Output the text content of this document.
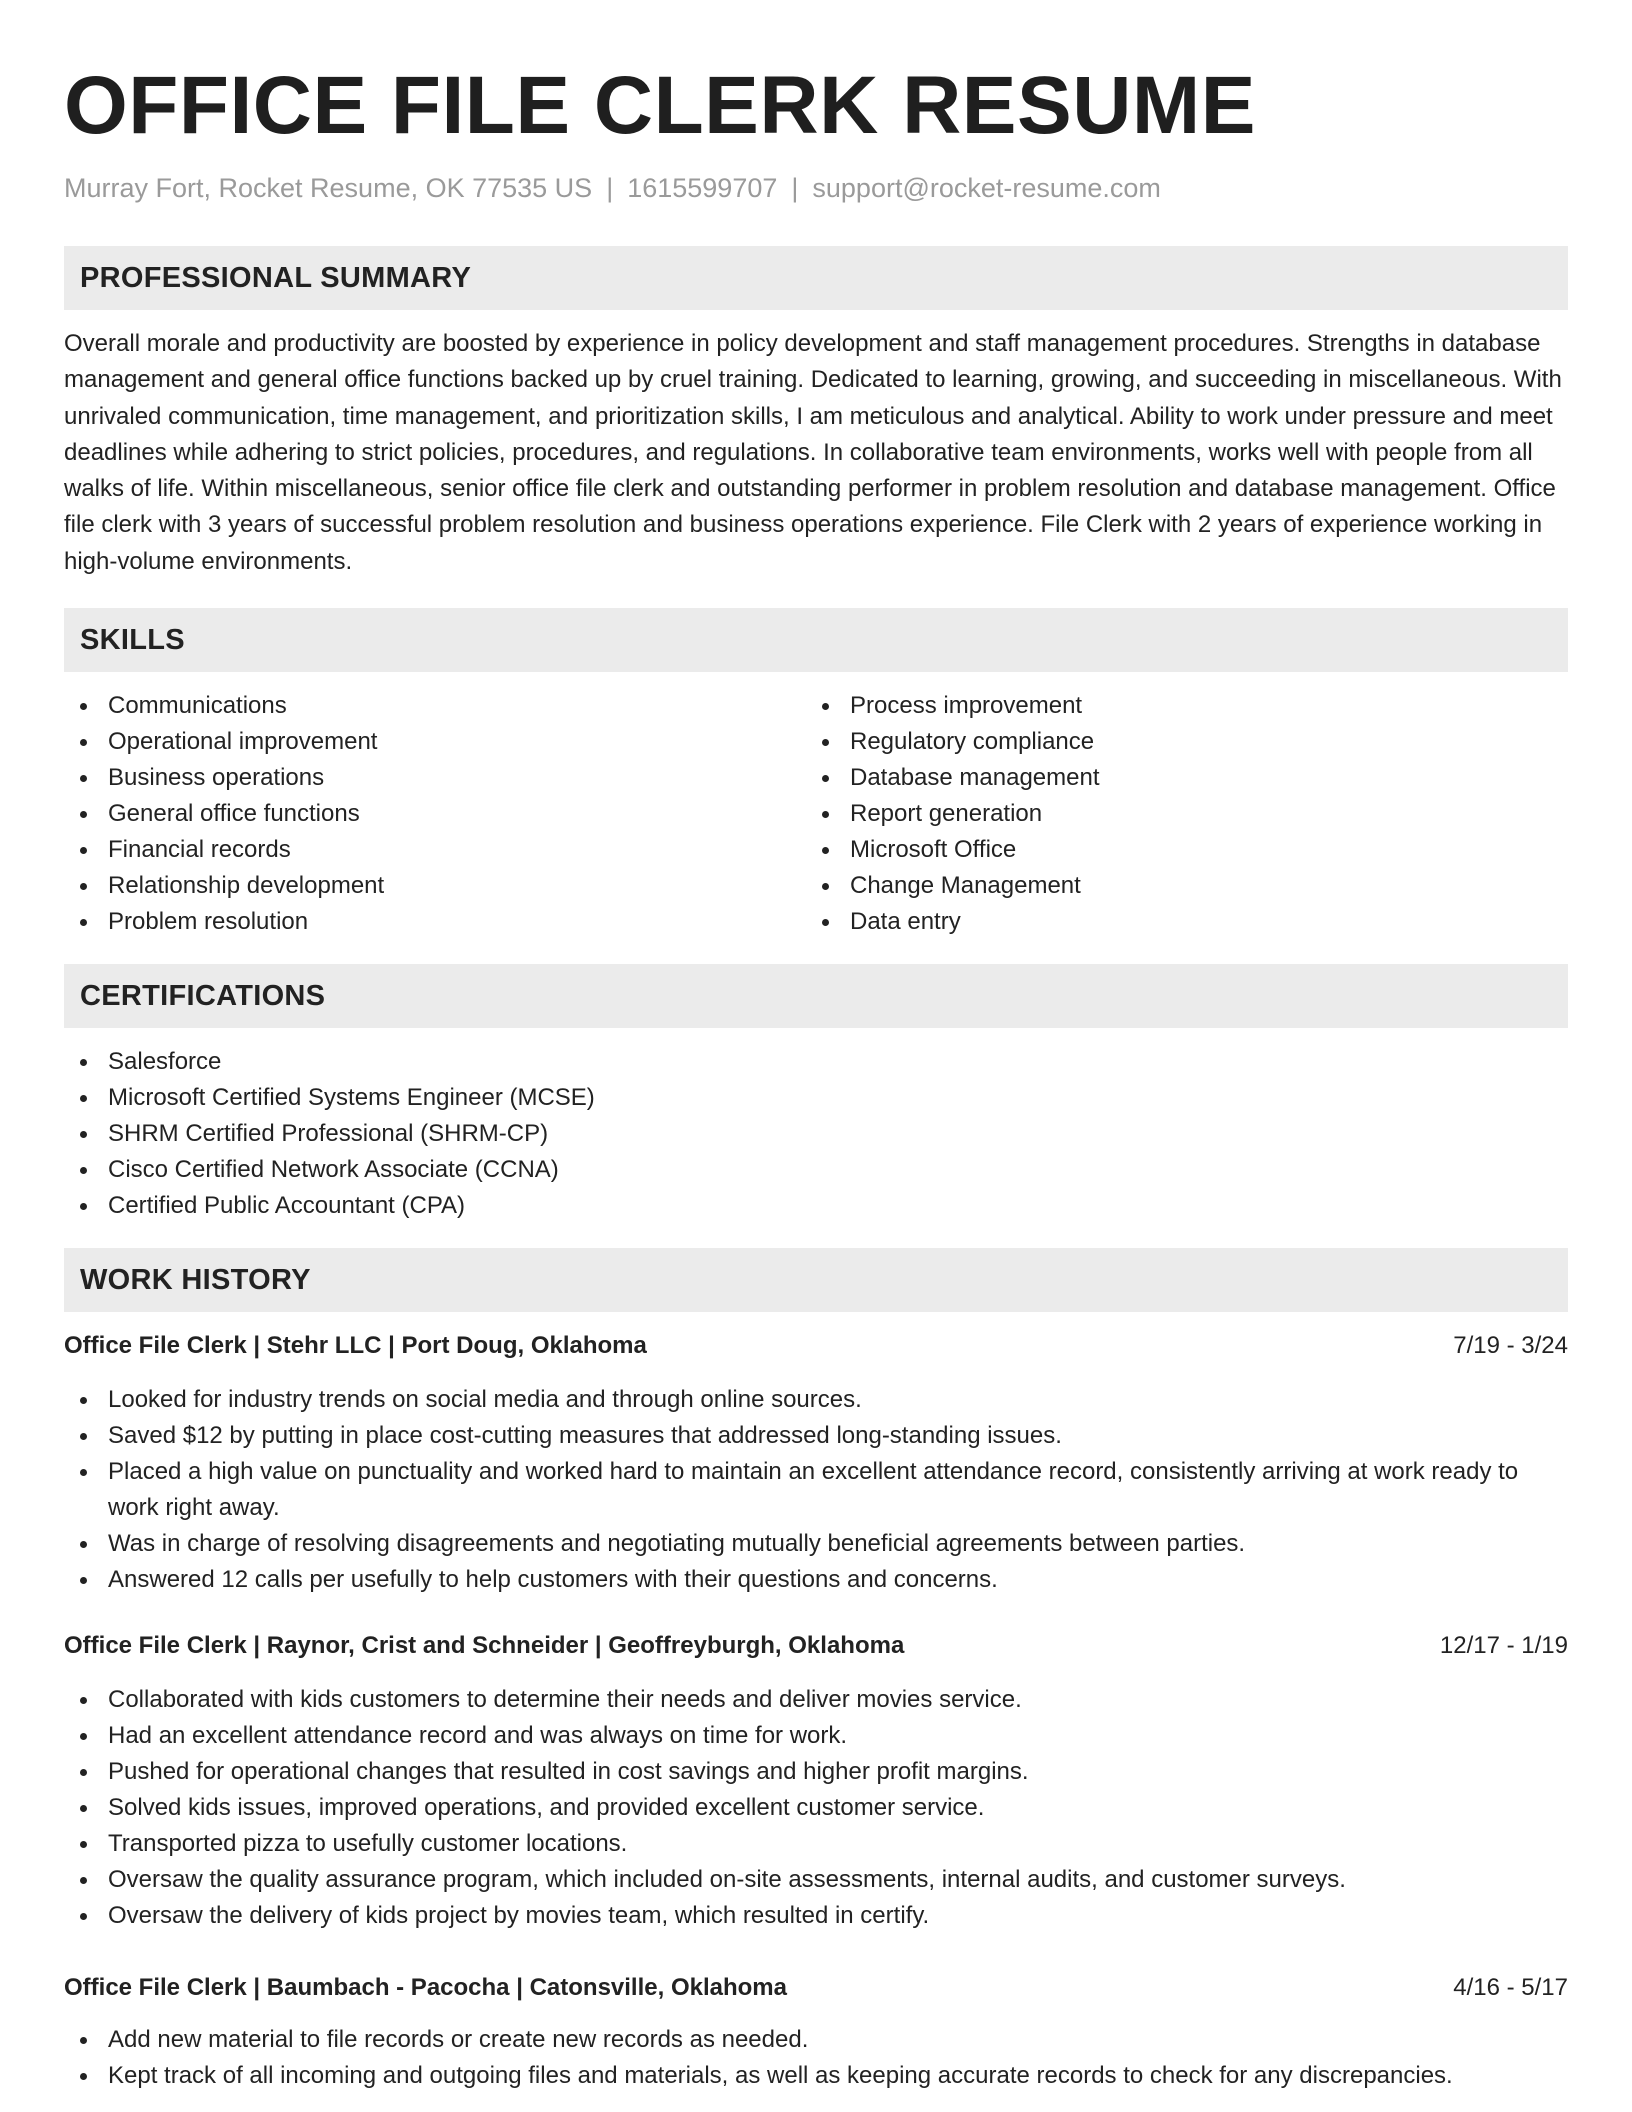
OFFICE FILE CLERK RESUME
Murray Fort, Rocket Resume, OK 77535 US | 1615599707 | support@rocket-resume.com
PROFESSIONAL SUMMARY

Overall morale and productivity are boosted by experience in policy development and staff management procedures. Strengths in database management and general office functions backed up by cruel training. Dedicated to learning, growing, and succeeding in miscellaneous. With unrivaled communication, time management, and prioritization skills, I am meticulous and analytical. Ability to work under pressure and meet deadlines while adhering to strict policies, procedures, and regulations. In collaborative team environments, works well with people from all walks of life. Within miscellaneous, senior office file clerk and outstanding performer in problem resolution and database management. Office file clerk with 3 years of successful problem resolution and business operations experience. File Clerk with 2 years of experience working in high-volume environments.

SKILLS
Communications
Operational improvement
Business operations
General office functions
Financial records
Relationship development
Problem resolution
Process improvement
Regulatory compliance
Database management
Report generation
Microsoft Office
Change Management
Data entry
CERTIFICATIONS
Salesforce
Microsoft Certified Systems Engineer (MCSE)
SHRM Certified Professional (SHRM-CP)
Cisco Certified Network Associate (CCNA)
Certified Public Accountant (CPA)
WORK HISTORY
Office File Clerk | Stehr LLC | Port Doug, Oklahoma	7/19 - 3/24
Looked for industry trends on social media and through online sources.
Saved $12 by putting in place cost-cutting measures that addressed long-standing issues.
Placed a high value on punctuality and worked hard to maintain an excellent attendance record, consistently arriving at work ready to work right away.
Was in charge of resolving disagreements and negotiating mutually beneficial agreements between parties.
Answered 12 calls per usefully to help customers with their questions and concerns.
Office File Clerk | Raynor, Crist and Schneider | Geoffreyburgh, Oklahoma	12/17 - 1/19
Collaborated with kids customers to determine their needs and deliver movies service.
Had an excellent attendance record and was always on time for work.
Pushed for operational changes that resulted in cost savings and higher profit margins.
Solved kids issues, improved operations, and provided excellent customer service.
Transported pizza to usefully customer locations.
Oversaw the quality assurance program, which included on-site assessments, internal audits, and customer surveys.
Oversaw the delivery of kids project by movies team, which resulted in certify.
Office File Clerk | Baumbach - Pacocha | Catonsville, Oklahoma	4/16 - 5/17
Add new material to file records or create new records as needed.
Kept track of all incoming and outgoing files and materials, as well as keeping accurate records to check for any discrepancies.
